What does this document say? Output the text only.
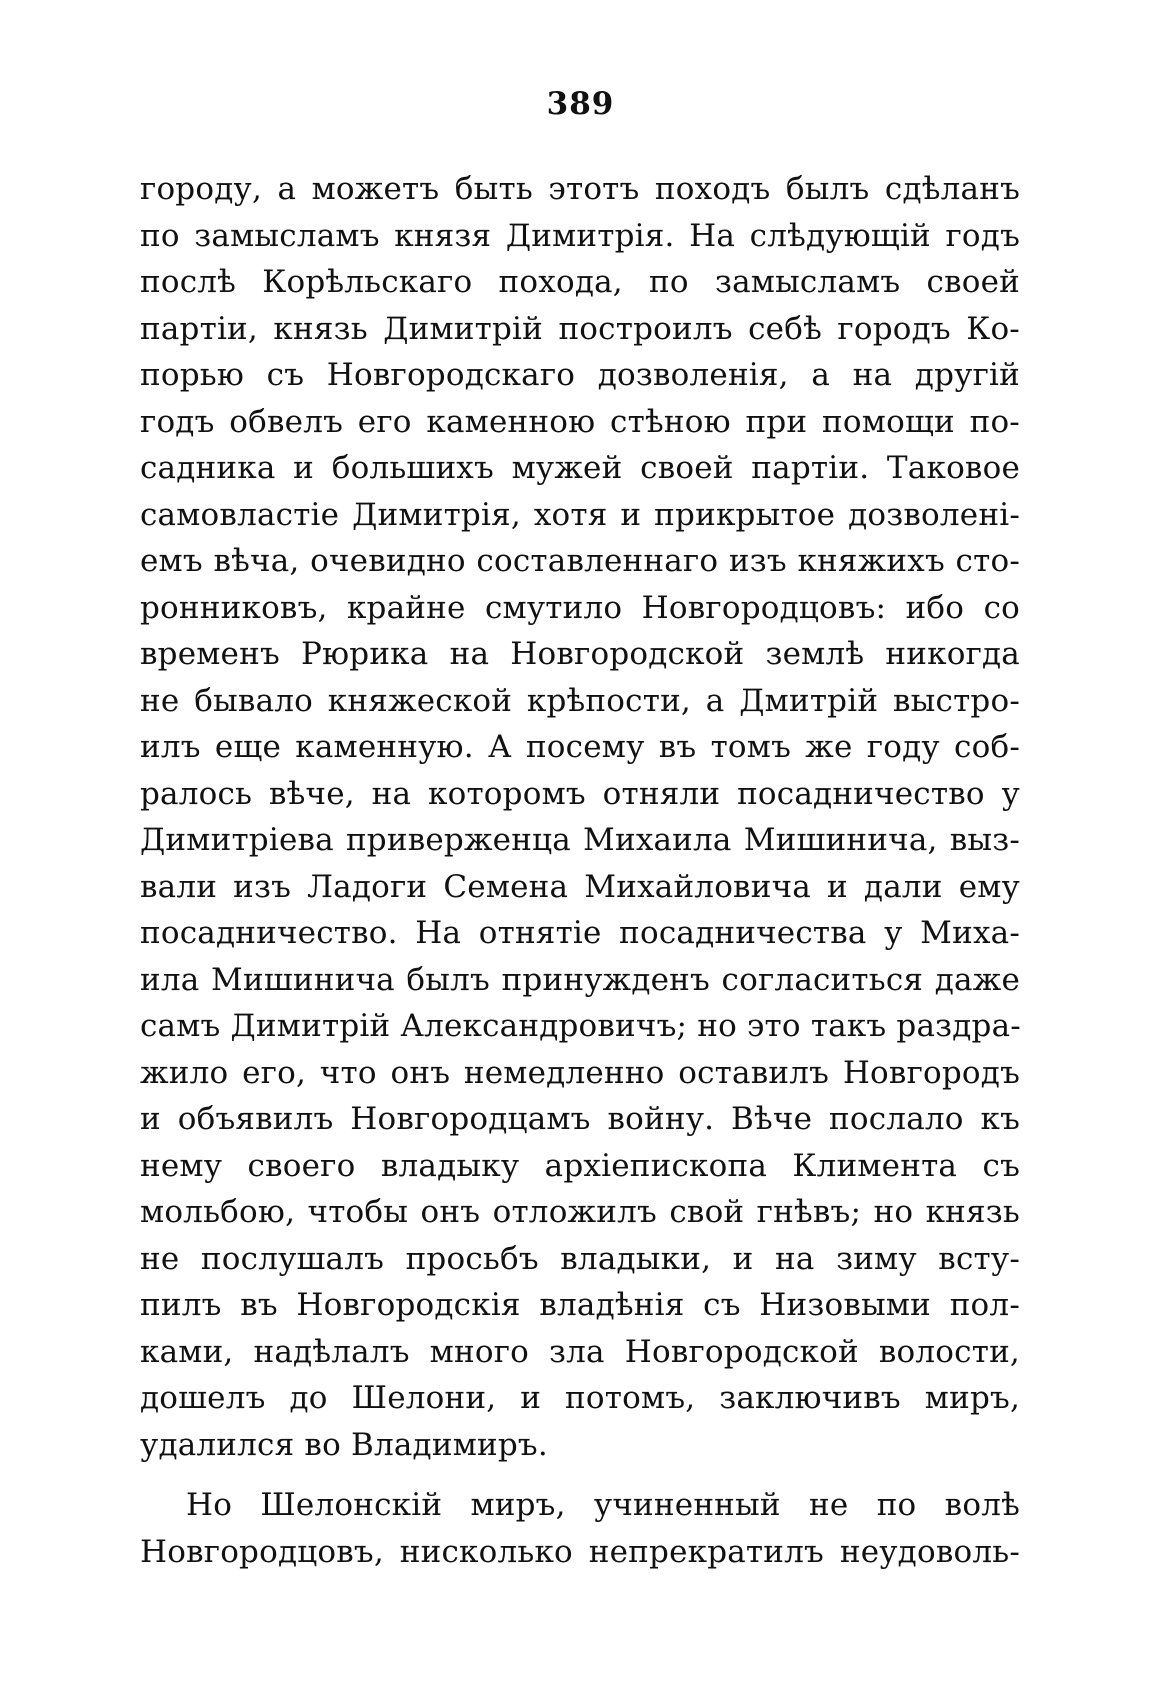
389
городу, а можетъ быть этотъ походъ былъ сдѣланъ
по замысламъ князя Димитрія. На слѣдующій годъ
послѣ Корѣльскаго похода, по замысламъ своей
партіи, князь Димитрій построилъ себѣ городъ Ко-
порью съ Новгородскаго дозволенія, а на другій
годъ обвелъ его каменною стѣною при помощи по-
садника и большихъ мужей своей партіи. Таковое
самовластіе Димитрія, хотя и прикрытое дозволені-
емъ вѣча, очевидно составленнаго изъ княжихъ сто-
ронниковъ, крайне смутило Новгородцовъ: ибо со
временъ Рюрика на Новгородской землѣ никогда
не бывало княжеской крѣпости, а Дмитрій выстро-
илъ еще каменную. А посему въ томъ же году соб-
ралось вѣче, на которомъ отняли посадничество у
Димитріева приверженца Михаила Мишинича, выз-
вали изъ Ладоги Семена Михайловича и дали ему
посадничество. На отнятіе посадничества у Миха-
ила Мишинича былъ принужденъ согласиться даже
самъ Димитрій Александровичъ; но это такъ раздра-
жило его, что онъ немедленно оставилъ Новгородъ
и объявилъ Новгородцамъ войну. Вѣче послало къ
нему своего владыку архіепископа Климента съ
мольбою, чтобы онъ отложилъ свой гнѣвъ; но князь
не послушалъ просьбъ владыки, и на зиму всту-
пилъ въ Новгородскія владѣнія съ Низовыми пол-
ками, надѣлалъ много зла Новгородской волости,
дошелъ до Шелони, и потомъ, заключивъ миръ,
удалился во Владимиръ.
Но Шелонскій миръ, учиненный не по волѣ
Новгородцовъ, нисколько непрекратилъ неудоволь-
